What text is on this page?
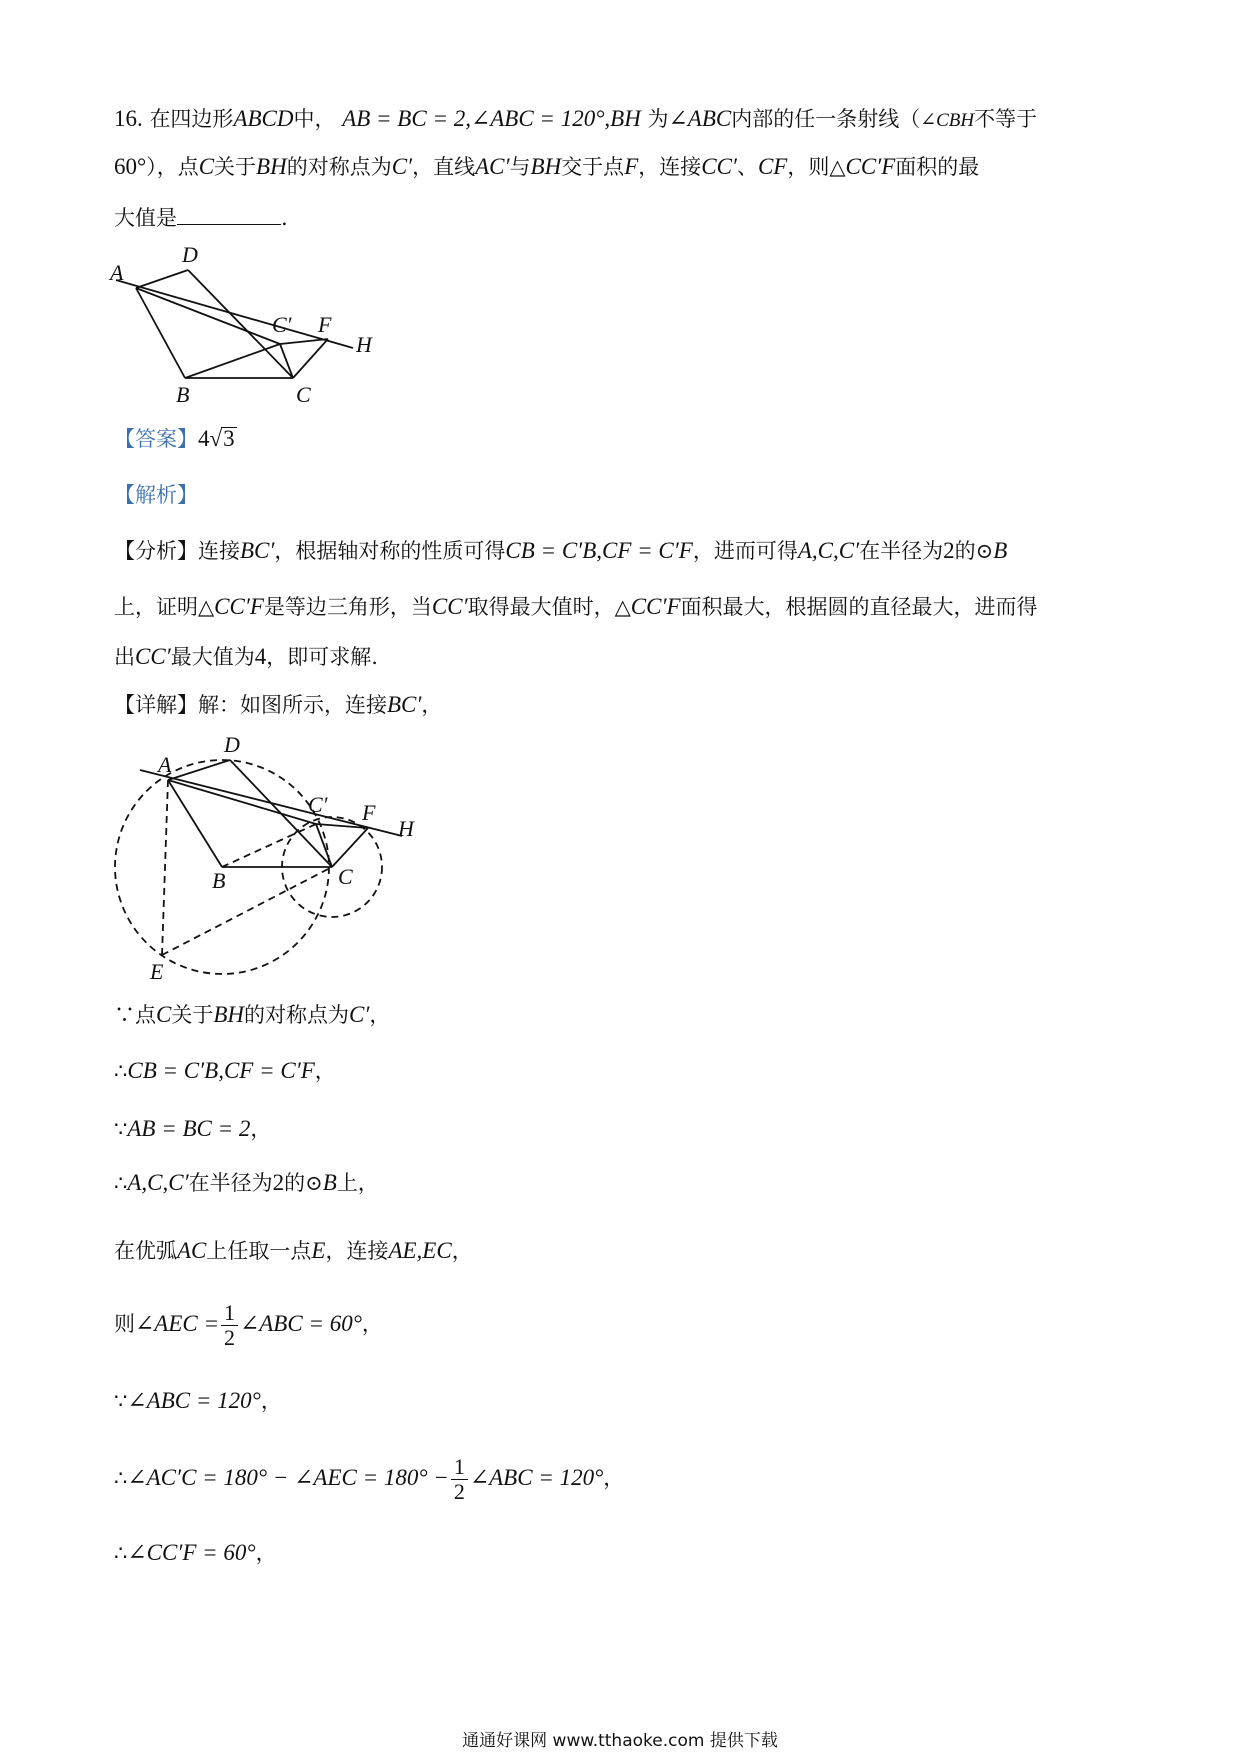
16. 在四边形ABCD中， AB = BC = 2,∠ABC = 120°,BH 为∠ABC内部的任一条射线（∠CBH不等于
60°），点C关于BH的对称点为C′，直线AC′与BH交于点F，连接CC′、CF，则△CC′F面积的最
大值是	.
A
D
C′ F
H
B	C
【答案】4√3
【解析】
【分析】连接BC′，根据轴对称的性质可得CB = C′B,CF = C′F，进而可得A,C,C′在半径为2的⊙B
上，证明△CC′F是等边三角形，当CC′取得最大值时，△CC′F面积最大，根据圆的直径最大，进而得
出CC′最大值为4，即可求解.
【详解】解：如图所示，连接BC′，
A
D
C′ F
H
B	C
E
∵点C关于BH的对称点为C′，
∴CB = C′B,CF = C′F，
∵AB = BC = 2，
∴A,C,C′在半径为2的⊙B上，
在优弧AC上任取一点E，连接AE,EC，
则∠AEC = $\frac{1}{2}$ ∠ABC = 60°，
∵∠ABC = 120°，
∴∠AC′C = 180° − ∠AEC = $180^\circ - \frac{1}{2}$ ∠ABC = 120°，
∴∠CC′F = 60°，
通通好课网 www.tthaoke.com 提供下载
